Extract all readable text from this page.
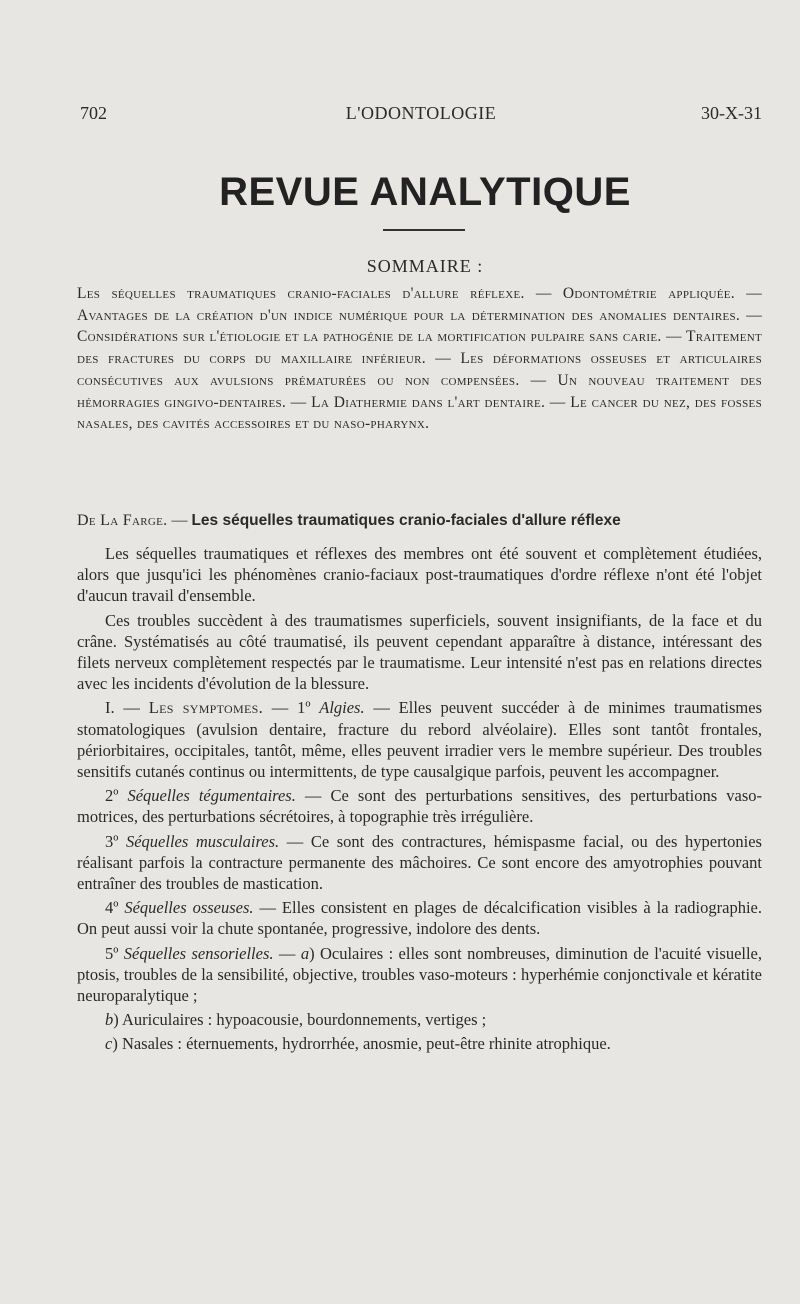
702	L'ODONTOLOGIE	30-X-31
REVUE ANALYTIQUE
SOMMAIRE :
Les séquelles traumatiques cranio-faciales d'allure réflexe. — Odontométrie appliquée. — Avantages de la création d'un indice numérique pour la détermination des anomalies dentaires. — Considérations sur l'étiologie et la pathogénie de la mortification pulpaire sans carie. — Traitement des fractures du corps du maxillaire inférieur. — Les déformations osseuses et articulaires consécutives aux avulsions prématurées ou non compensées. — Un nouveau traitement des hémorragies gingivo-dentaires. — La Diathermie dans l'art dentaire. — Le cancer du nez, des fosses nasales, des cavités accessoires et du naso-pharynx.
De La Farge. — Les séquelles traumatiques cranio-faciales d'allure réflexe

Les séquelles traumatiques et réflexes des membres ont été souvent et complètement étudiées, alors que jusqu'ici les phénomènes cranio-faciaux post-traumatiques d'ordre réflexe n'ont été l'objet d'aucun travail d'ensemble.

Ces troubles succèdent à des traumatismes superficiels, souvent insignifiants, de la face et du crâne. Systématisés au côté traumatisé, ils peuvent cependant apparaître à distance, intéressant des filets nerveux complètement respectés par le traumatisme. Leur intensité n'est pas en relations directes avec les incidents d'évolution de la blessure.

I. — Les symptomes. — 1º Algies. — Elles peuvent succéder à de minimes traumatismes stomatologiques (avulsion dentaire, fracture du rebord alvéolaire). Elles sont tantôt frontales, périorbitaires, occipitales, tantôt, même, elles peuvent irradier vers le membre supérieur. Des troubles sensitifs cutanés continus ou intermittents, de type causalgique parfois, peuvent les accompagner.

2º Séquelles tégumentaires. — Ce sont des perturbations sensitives, des perturbations vaso-motrices, des perturbations sécrétoires, à topographie très irrégulière.

3º Séquelles musculaires. — Ce sont des contractures, hémispasme facial, ou des hypertonies réalisant parfois la contracture permanente des mâchoires. Ce sont encore des amyotrophies pouvant entraîner des troubles de mastication.

4º Séquelles osseuses. — Elles consistent en plages de décalcification visibles à la radiographie. On peut aussi voir la chute spontanée, progressive, indolore des dents.

5º Séquelles sensorielles. — a) Oculaires : elles sont nombreuses, diminution de l'acuité visuelle, ptosis, troubles de la sensibilité, objective, troubles vaso-moteurs : hyperhémie conjonctivale et kératite neuroparalytique ;

b) Auriculaires : hypoacousie, bourdonnements, vertiges ;

c) Nasales : éternuements, hydrorrhée, anosmie, peut-être rhinite atrophique.
